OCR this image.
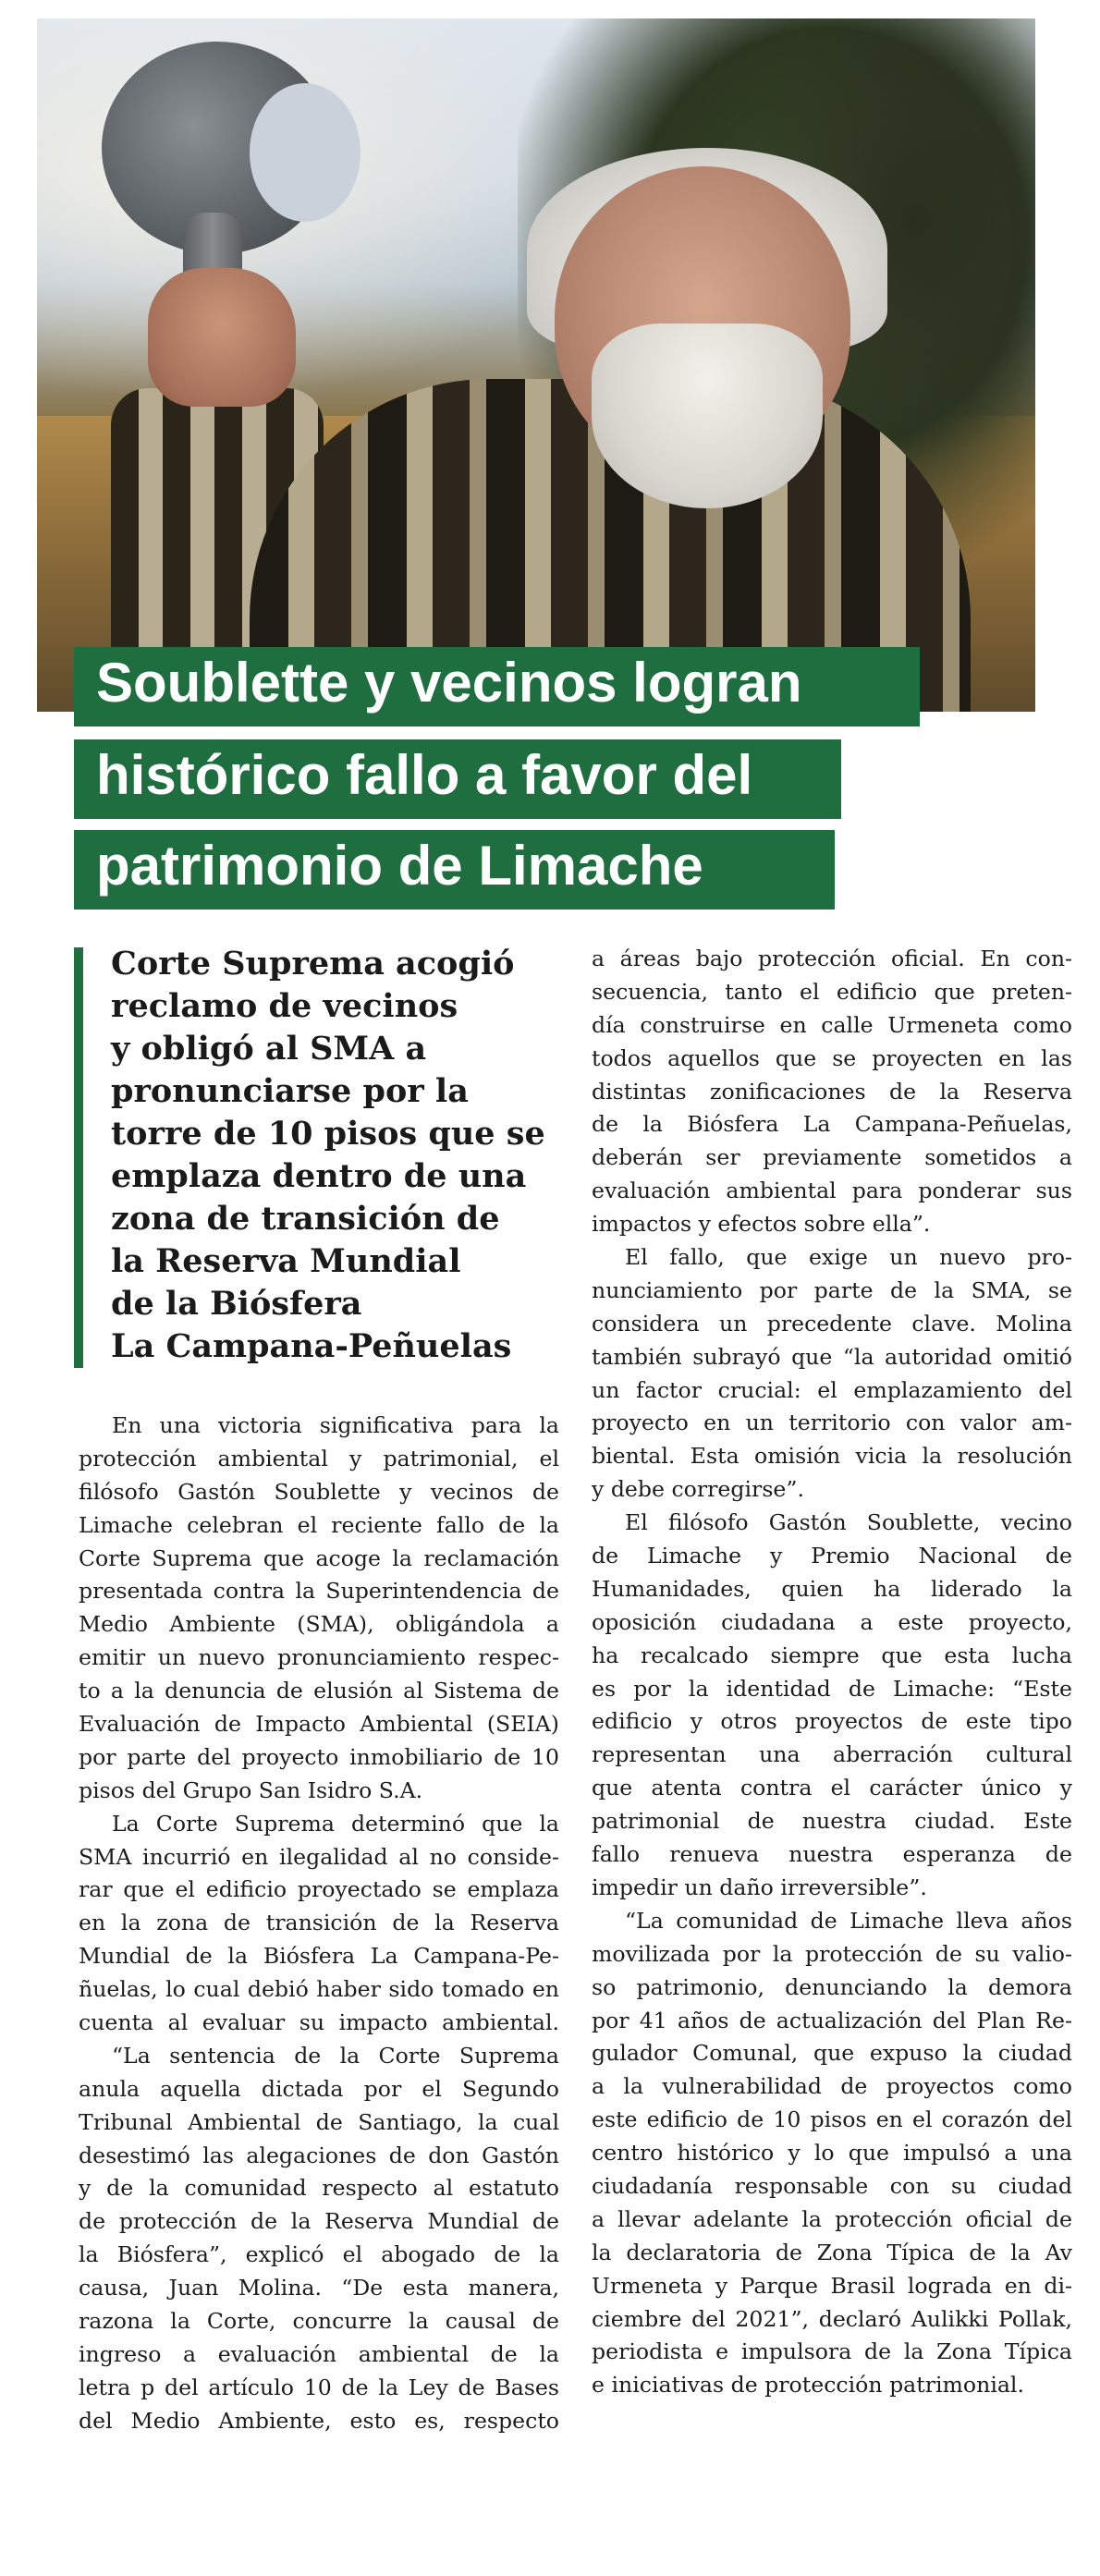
Soublette y vecinos logran
histórico fallo a favor del
patrimonio de Limache
Corte Suprema acogió
reclamo de vecinos
y obligó al SMA a
pronunciarse por la
torre de 10 pisos que se
emplaza dentro de una
zona de transición de
la Reserva Mundial
de la Biósfera
La Campana-Peñuelas
En una victoria significativa para la
protección ambiental y patrimonial, el
filósofo Gastón Soublette y vecinos de
Limache celebran el reciente fallo de la
Corte Suprema que acoge la reclamación
presentada contra la Superintendencia de
Medio Ambiente (SMA), obligándola a
emitir un nuevo pronunciamiento respec-
to a la denuncia de elusión al Sistema de
Evaluación de Impacto Ambiental (SEIA)
por parte del proyecto inmobiliario de 10
pisos del Grupo San Isidro S.A.
La Corte Suprema determinó que la
SMA incurrió en ilegalidad al no conside-
rar que el edificio proyectado se emplaza
en la zona de transición de la Reserva
Mundial de la Biósfera La Campana-Pe-
ñuelas, lo cual debió haber sido tomado en
cuenta al evaluar su impacto ambiental.
“La sentencia de la Corte Suprema
anula aquella dictada por el Segundo
Tribunal Ambiental de Santiago, la cual
desestimó las alegaciones de don Gastón
y de la comunidad respecto al estatuto
de protección de la Reserva Mundial de
la Biósfera”, explicó el abogado de la
causa, Juan Molina. “De esta manera,
razona la Corte, concurre la causal de
ingreso a evaluación ambiental de la
letra p del artículo 10 de la Ley de Bases
del Medio Ambiente, esto es, respecto
a áreas bajo protección oficial. En con-
secuencia, tanto el edificio que preten-
día construirse en calle Urmeneta como
todos aquellos que se proyecten en las
distintas zonificaciones de la Reserva
de la Biósfera La Campana-Peñuelas,
deberán ser previamente sometidos a
evaluación ambiental para ponderar sus
impactos y efectos sobre ella”.
El fallo, que exige un nuevo pro-
nunciamiento por parte de la SMA, se
considera un precedente clave. Molina
también subrayó que “la autoridad omitió
un factor crucial: el emplazamiento del
proyecto en un territorio con valor am-
biental. Esta omisión vicia la resolución
y debe corregirse”.
El filósofo Gastón Soublette, vecino
de Limache y Premio Nacional de
Humanidades, quien ha liderado la
oposición ciudadana a este proyecto,
ha recalcado siempre que esta lucha
es por la identidad de Limache: “Este
edificio y otros proyectos de este tipo
representan una aberración cultural
que atenta contra el carácter único y
patrimonial de nuestra ciudad. Este
fallo renueva nuestra esperanza de
impedir un daño irreversible”.
“La comunidad de Limache lleva años
movilizada por la protección de su valio-
so patrimonio, denunciando la demora
por 41 años de actualización del Plan Re-
gulador Comunal, que expuso la ciudad
a la vulnerabilidad de proyectos como
este edificio de 10 pisos en el corazón del
centro histórico y lo que impulsó a una
ciudadanía responsable con su ciudad
a llevar adelante la protección oficial de
la declaratoria de Zona Típica de la Av
Urmeneta y Parque Brasil lograda en di-
ciembre del 2021”, declaró Aulikki Pollak,
periodista e impulsora de la Zona Típica
e iniciativas de protección patrimonial.
